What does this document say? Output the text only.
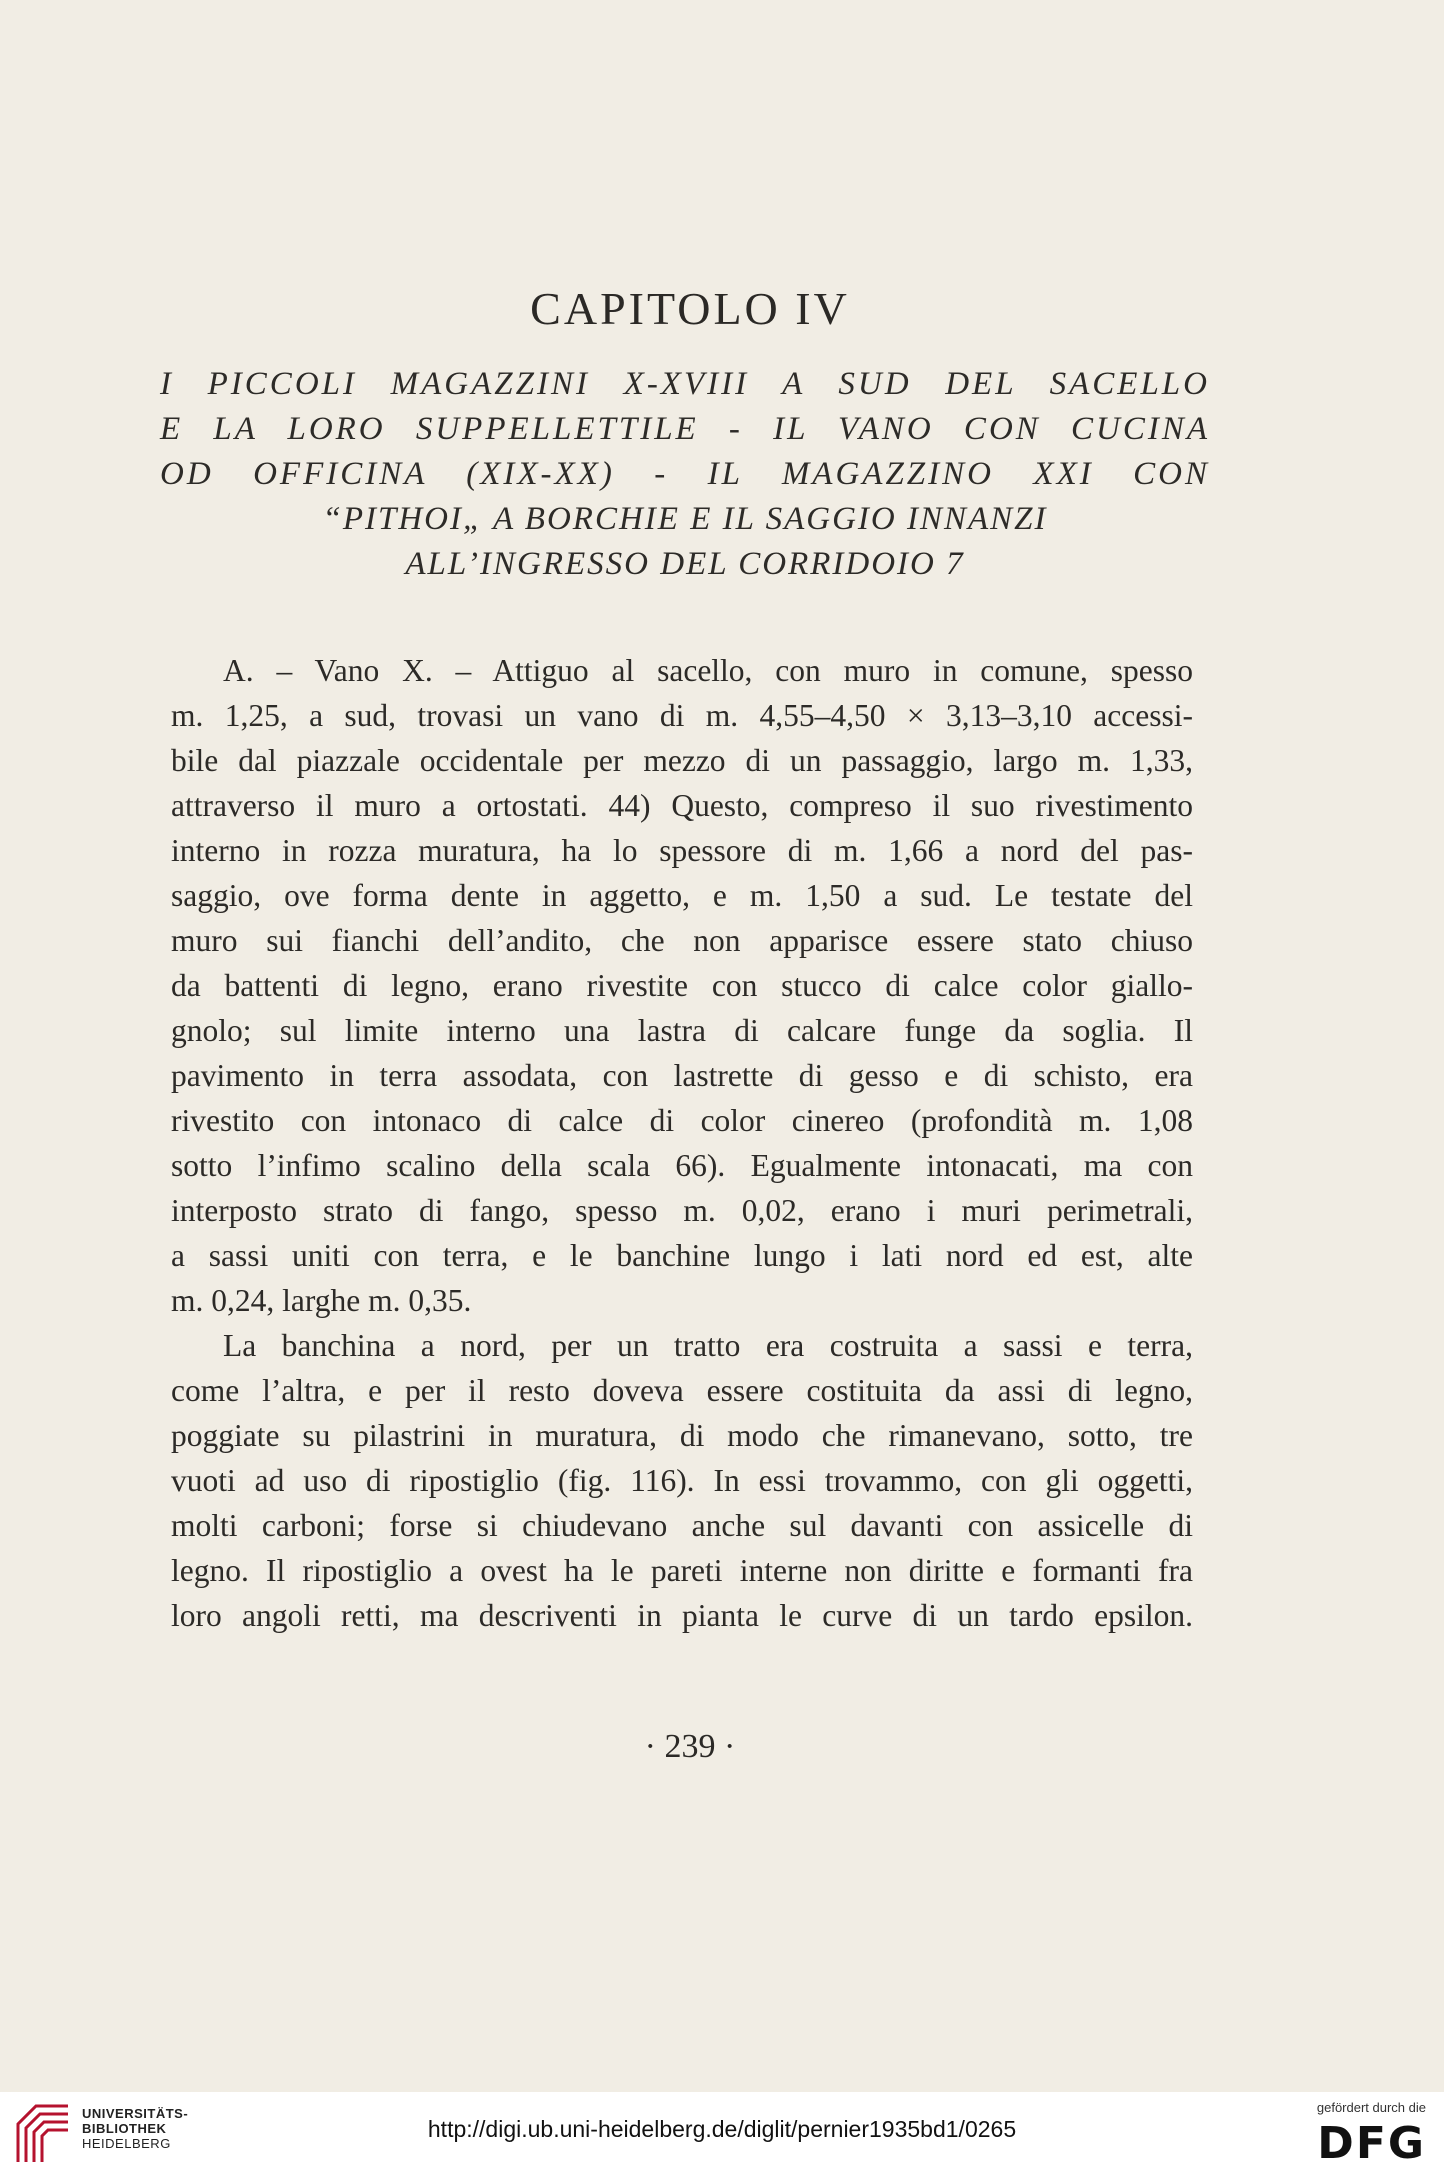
CAPITOLO IV
I PICCOLI MAGAZZINI X-XVIII A SUD DEL SACELLO
E LA LORO SUPPELLETTILE - IL VANO CON CUCINA
OD OFFICINA (XIX-XX) - IL MAGAZZINO XXI CON
“PITHOI„ A BORCHIE E IL SAGGIO INNANZI
ALL’INGRESSO DEL CORRIDOIO 7
A. – Vano X. – Attiguo al sacello, con muro in comune, spesso
m. 1,25, a sud, trovasi un vano di m. 4,55–4,50 × 3,13–3,10 accessi-
bile dal piazzale occidentale per mezzo di un passaggio, largo m. 1,33,
attraverso il muro a ortostati. 44) Questo, compreso il suo rivestimento
interno in rozza muratura, ha lo spessore di m. 1,66 a nord del pas-
saggio, ove forma dente in aggetto, e m. 1,50 a sud. Le testate del
muro sui fianchi dell’andito, che non apparisce essere stato chiuso
da battenti di legno, erano rivestite con stucco di calce color giallo-
gnolo; sul limite interno una lastra di calcare funge da soglia. Il
pavimento in terra assodata, con lastrette di gesso e di schisto, era
rivestito con intonaco di calce di color cinereo (profondità m. 1,08
sotto l’infimo scalino della scala 66). Egualmente intonacati, ma con
interposto strato di fango, spesso m. 0,02, erano i muri perimetrali,
a sassi uniti con terra, e le banchine lungo i lati nord ed est, alte
m. 0,24, larghe m. 0,35.
La banchina a nord, per un tratto era costruita a sassi e terra,
come l’altra, e per il resto doveva essere costituita da assi di legno,
poggiate su pilastrini in muratura, di modo che rimanevano, sotto, tre
vuoti ad uso di ripostiglio (fig. 116). In essi trovammo, con gli oggetti,
molti carboni; forse si chiudevano anche sul davanti con assicelle di
legno. Il ripostiglio a ovest ha le pareti interne non diritte e formanti fra
loro angoli retti, ma descriventi in pianta le curve di un tardo epsilon.
· 239 ·
UNIVERSITÄTS-
BIBLIOTHEK
HEIDELBERG
http://digi.ub.uni-heidelberg.de/diglit/pernier1935bd1/0265
gefördert durch die
DFG
